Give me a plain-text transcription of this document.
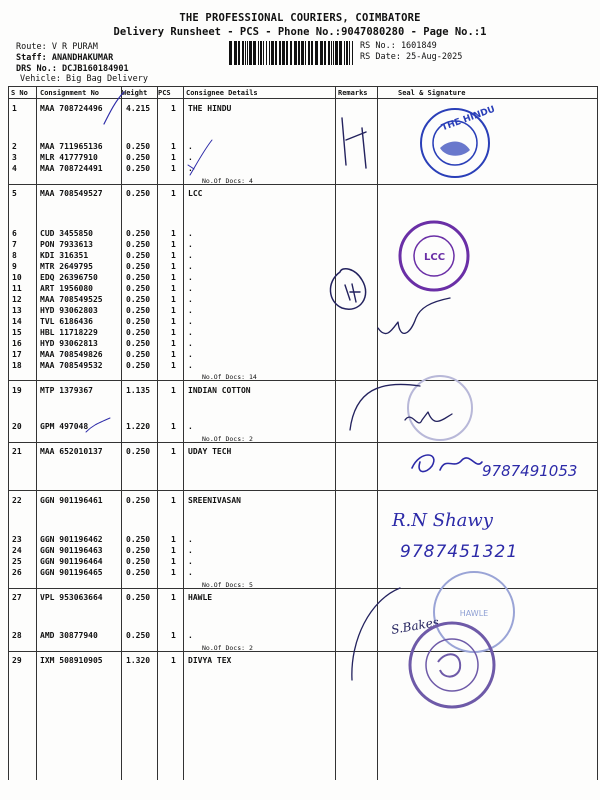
THE PROFESSIONAL COURIERS, COIMBATORE
Delivery Runsheet - PCS - Phone No.:9047080280 - Page No.:1
Route: V R PURAM
Staff: ANANDHAKUMAR
DRS No.: DCJB160184901
Vehicle: Big Bag Delivery
RS No.: 1601849
RS Date: 25-Aug-2025
S No Consignment No	Weight PCS Consignee Details	Remarks	Seal & Signature
1	MAA 708724496	4.215	1 THE HINDU
2	MAA 711965136	0.250	1 .
3	MLR 41777910	0.250	1 .
4	MAA 708724491	0.250	1 .
5	MAA 708549527	0.250	1 LCC
6	CUD 3455850	0.250	1 .
7	PON 7933613	0.250	1 .
8	KDI 316351	0.250	1 .
9	MTR 2649795	0.250	1 .
10 EDQ 26396750	0.250	1 .
11 ART 1956080	0.250	1 .
12 MAA 708549525	0.250	1 .
13 HYD 93062803	0.250	1 .
14 TVL 6186436	0.250	1 .
15 HBL 11718229	0.250	1 .
16 HYD 93062813	0.250	1 .
17 MAA 708549826	0.250	1 .
18 MAA 708549532	0.250	1 .
19 MTP 1379367	1.135	1 INDIAN COTTON
20 GPM 497048	1.220	1 .
21 MAA 652010137	0.250	1 UDAY TECH
22 GGN 901196461	0.250	1 SREENIVASAN
23 GGN 901196462	0.250	1 .
24 GGN 901196463	0.250	1 .
25 GGN 901196464	0.250	1 .
26 GGN 901196465	0.250	1 .
27 VPL 953063664	0.250	1 HAWLE
28 AMD 30877940	0.250	1 .
29 IXM 508910905	1.320	1 DIVYA TEX
No.Of Docs: 4
No.Of Docs: 14
No.Of Docs: 2
No.Of Docs: 5
No.Of Docs: 2
THE HINDU
LCC
9787491053
R.N Shawy
9787451321
HAWLE
S.Bakes
